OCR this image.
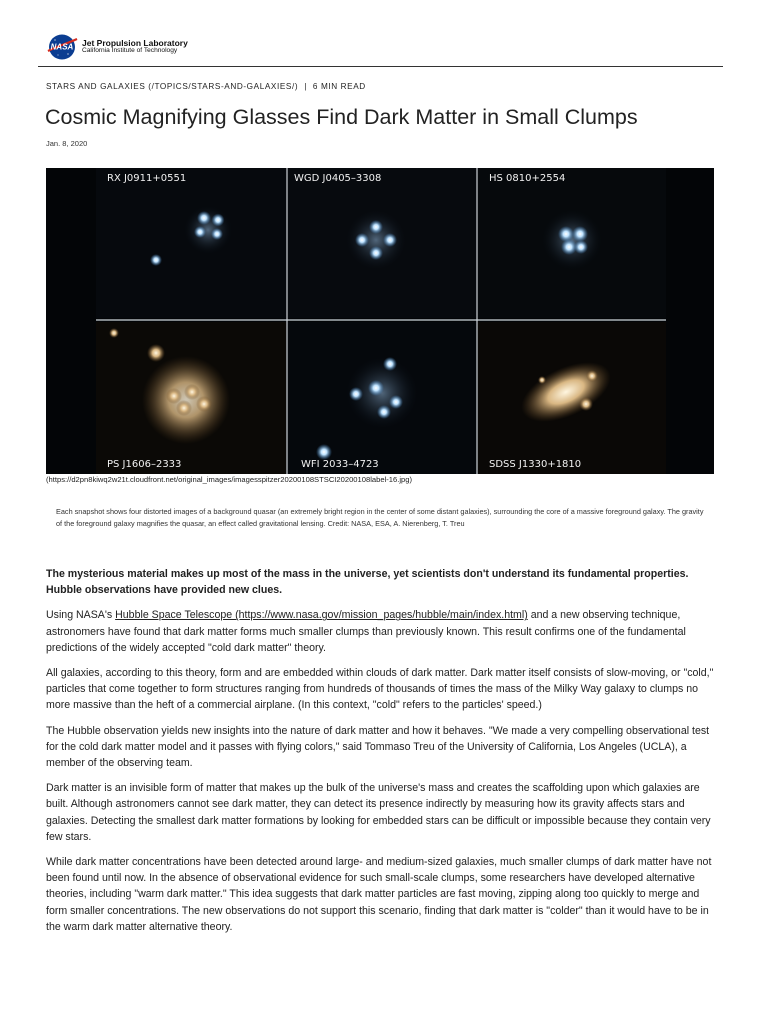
NASA Jet Propulsion Laboratory
California Institute of Technology
STARS AND GALAXIES (/TOPICS/STARS-AND-GALAXIES/) | 6 MIN READ
Cosmic Magnifying Glasses Find Dark Matter in Small Clumps
Jan. 8, 2020
RX J0911+0551	WGD J0405–3308	HS 0810+2554
PS J1606–2333	WFI 2033–4723	SDSS J1330+1810
(https://d2pn8kiwq2w21t.cloudfront.net/original_images/imagesspitzer20200108STSCI20200108label-16.jpg)
Each snapshot shows four distorted images of a background quasar (an extremely bright region in the center of some distant galaxies), surrounding the core of a massive foreground galaxy. The gravity of the foreground galaxy magnifies the quasar, an effect called gravitational lensing. Credit: NASA, ESA, A. Nierenberg, T. Treu

The mysterious material makes up most of the mass in the universe, yet scientists don't understand its fundamental properties. Hubble observations have provided new clues.

Using NASA's Hubble Space Telescope (https://www.nasa.gov/mission_pages/hubble/main/index.html) and a new observing technique, astronomers have found that dark matter forms much smaller clumps than previously known. This result confirms one of the fundamental predictions of the widely accepted "cold dark matter" theory.

All galaxies, according to this theory, form and are embedded within clouds of dark matter. Dark matter itself consists of slow-moving, or "cold," particles that come together to form structures ranging from hundreds of thousands of times the mass of the Milky Way galaxy to clumps no more massive than the heft of a commercial airplane. (In this context, "cold" refers to the particles' speed.)

The Hubble observation yields new insights into the nature of dark matter and how it behaves. "We made a very compelling observational test for the cold dark matter model and it passes with flying colors," said Tommaso Treu of the University of California, Los Angeles (UCLA), a member of the observing team.

Dark matter is an invisible form of matter that makes up the bulk of the universe's mass and creates the scaffolding upon which galaxies are built. Although astronomers cannot see dark matter, they can detect its presence indirectly by measuring how its gravity affects stars and galaxies. Detecting the smallest dark matter formations by looking for embedded stars can be difficult or impossible because they contain very few stars.

While dark matter concentrations have been detected around large- and medium-sized galaxies, much smaller clumps of dark matter have not been found until now. In the absence of observational evidence for such small-scale clumps, some researchers have developed alternative theories, including "warm dark matter." This idea suggests that dark matter particles are fast moving, zipping along too quickly to merge and form smaller concentrations. The new observations do not support this scenario, finding that dark matter is "colder" than it would have to be in the warm dark matter alternative theory.
